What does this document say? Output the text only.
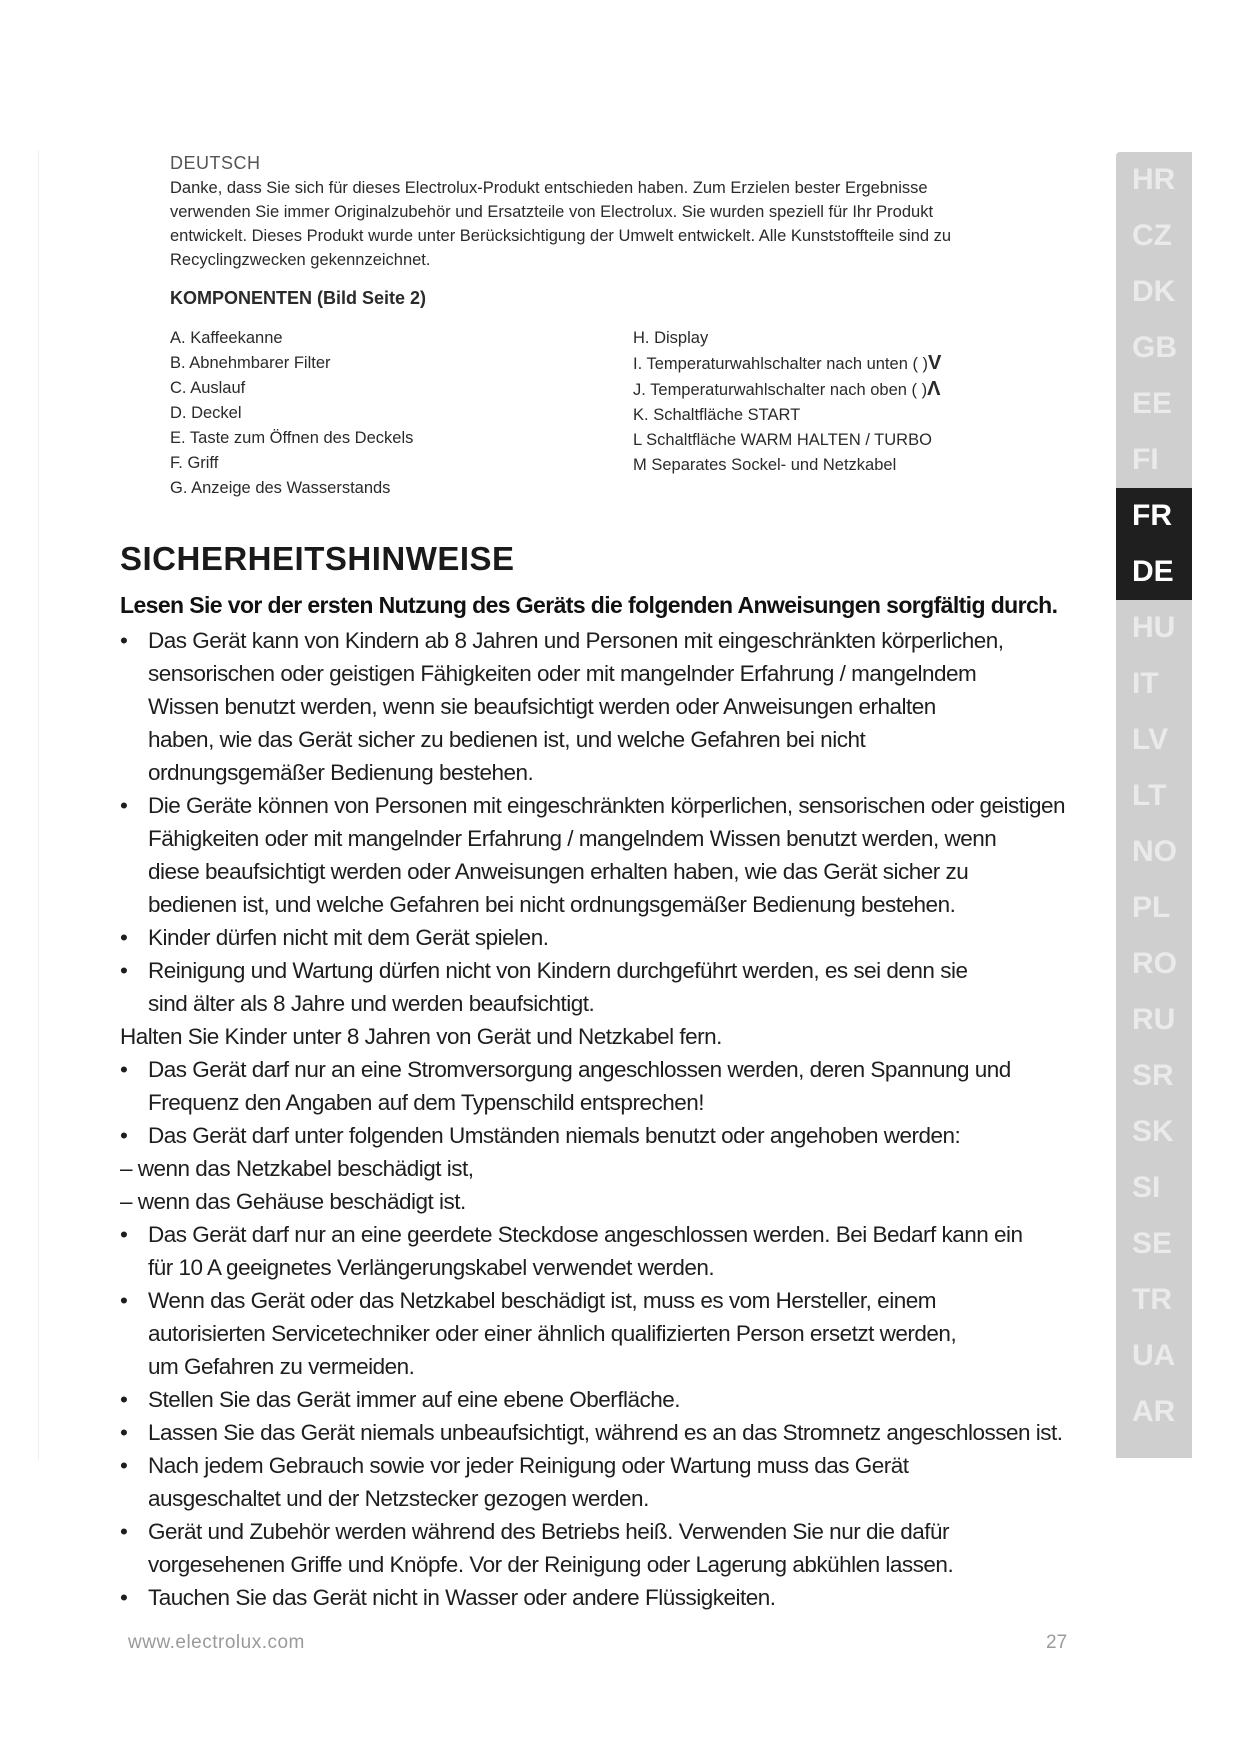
DEUTSCH

Danke, dass Sie sich für dieses Electrolux-Produkt entschieden haben. Zum Erzielen bester Ergebnisse

verwenden Sie immer Originalzubehör und Ersatzteile von Electrolux. Sie wurden speziell für Ihr Produkt

entwickelt. Dieses Produkt wurde unter Berücksichtigung der Umwelt entwickelt. Alle Kunststoffteile sind zu

Recyclingzwecken gekennzeichnet.

KOMPONENTEN (Bild Seite 2)
A. Kaffeekanne
B. Abnehmbarer Filter
C. Auslauf
D. Deckel
E. Taste zum Öffnen des Deckels
F. Griff
G. Anzeige des Wasserstands
H. Display
I. Temperaturwahlschalter nach unten ( )V
J. Temperaturwahlschalter nach oben ( )Λ
K. Schaltfläche START
L Schaltfläche WARM HALTEN / TURBO
M Separates Sockel- und Netzkabel
SICHERHEITSHINWEISE
Lesen Sie vor der ersten Nutzung des Geräts die folgenden Anweisungen sorgfältig durch.
• Das Gerät kann von Kindern ab 8 Jahren und Personen mit eingeschränkten körperlichen,
sensorischen oder geistigen Fähigkeiten oder mit mangelnder Erfahrung / mangelndem
Wissen benutzt werden, wenn sie beaufsichtigt werden oder Anweisungen erhalten
haben, wie das Gerät sicher zu bedienen ist, und welche Gefahren bei nicht
ordnungsgemäßer Bedienung bestehen.
• Die Geräte können von Personen mit eingeschränkten körperlichen, sensorischen oder geistigen
Fähigkeiten oder mit mangelnder Erfahrung / mangelndem Wissen benutzt werden, wenn
diese beaufsichtigt werden oder Anweisungen erhalten haben, wie das Gerät sicher zu
bedienen ist, und welche Gefahren bei nicht ordnungsgemäßer Bedienung bestehen.
• Kinder dürfen nicht mit dem Gerät spielen.
• Reinigung und Wartung dürfen nicht von Kindern durchgeführt werden, es sei denn sie
sind älter als 8 Jahre und werden beaufsichtigt.
Halten Sie Kinder unter 8 Jahren von Gerät und Netzkabel fern.
• Das Gerät darf nur an eine Stromversorgung angeschlossen werden, deren Spannung und
Frequenz den Angaben auf dem Typenschild entsprechen!
• Das Gerät darf unter folgenden Umständen niemals benutzt oder angehoben werden:
– wenn das Netzkabel beschädigt ist,
– wenn das Gehäuse beschädigt ist.
• Das Gerät darf nur an eine geerdete Steckdose angeschlossen werden. Bei Bedarf kann ein
für 10 A geeignetes Verlängerungskabel verwendet werden.
• Wenn das Gerät oder das Netzkabel beschädigt ist, muss es vom Hersteller, einem
autorisierten Servicetechniker oder einer ähnlich qualifizierten Person ersetzt werden,
um Gefahren zu vermeiden.
• Stellen Sie das Gerät immer auf eine ebene Oberfläche.
• Lassen Sie das Gerät niemals unbeaufsichtigt, während es an das Stromnetz angeschlossen ist.
• Nach jedem Gebrauch sowie vor jeder Reinigung oder Wartung muss das Gerät
ausgeschaltet und der Netzstecker gezogen werden.
• Gerät und Zubehör werden während des Betriebs heiß. Verwenden Sie nur die dafür
vorgesehenen Griffe und Knöpfe. Vor der Reinigung oder Lagerung abkühlen lassen.
• Tauchen Sie das Gerät nicht in Wasser oder andere Flüssigkeiten.
HR
CZ
DK
GB
EE
FI
FR
DE
HU
IT
LV
LT
NO
PL
RO
RU
SR
SK
SI
SE
TR
UA
AR
www.electrolux.com	27
